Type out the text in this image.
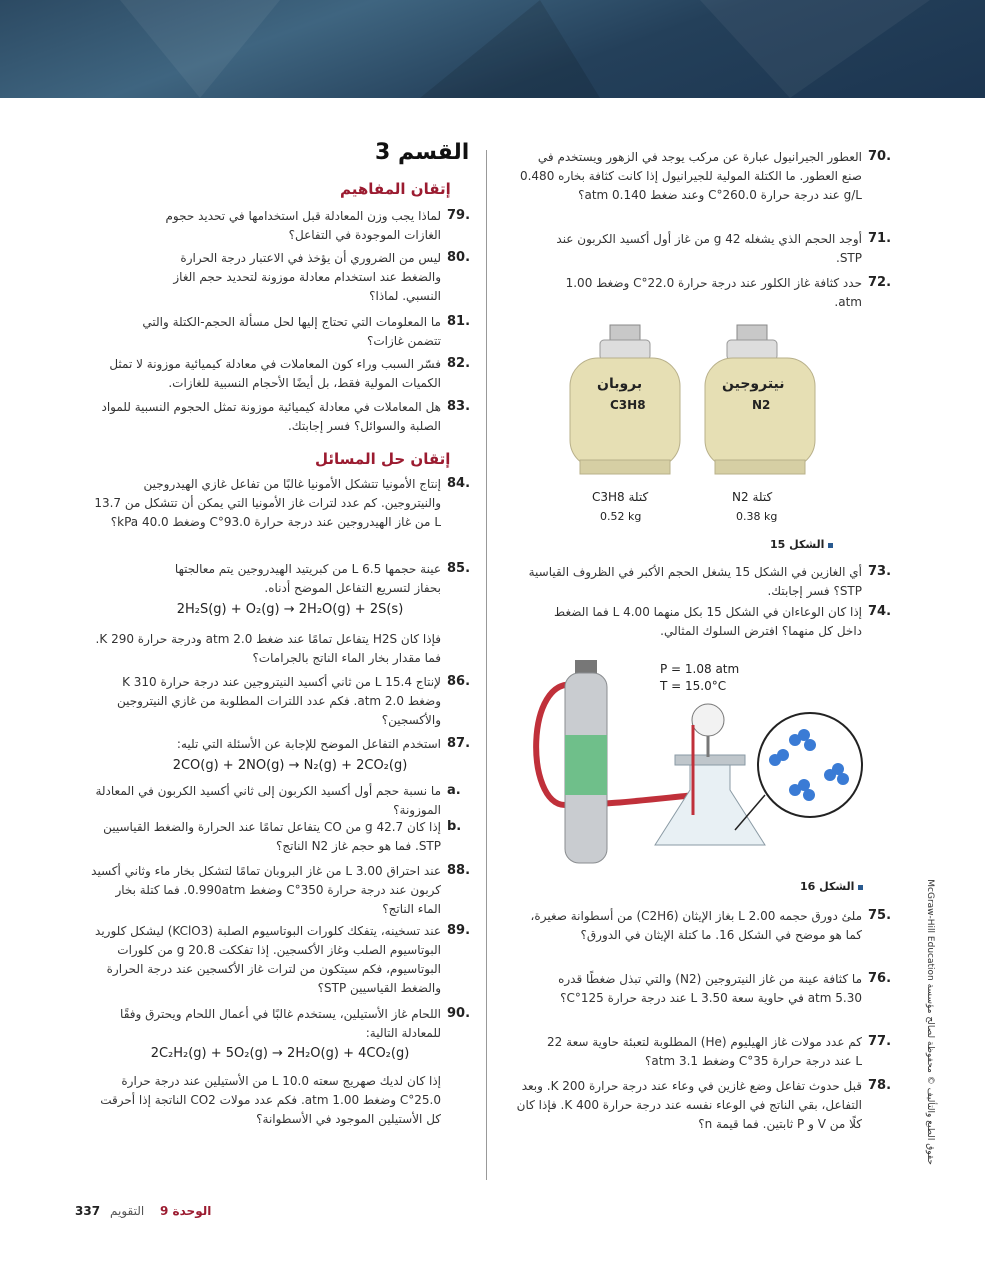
القسم 3
إتقان المفاهيم
لماذا يجب وزن المعادلة قبل استخدامها في تحديد حجوم الغازات الموجودة في التفاعل؟
79.
ليس من الضروري أن يؤخذ في الاعتبار درجة الحرارة والضغط عند استخدام معادلة موزونة لتحديد حجم الغاز النسبي. لماذا؟
80.
ما المعلومات التي تحتاج إليها لحل مسألة الحجم-الكتلة والتي تتضمن غازات؟
81.
فسّر السبب وراء كون المعاملات في معادلة كيميائية موزونة لا تمثل الكميات المولية فقط، بل أيضًا الأحجام النسبية للغازات.
82.
هل المعاملات في معادلة كيميائية موزونة تمثل الحجوم النسبية للمواد الصلبة والسوائل؟ فسر إجابتك.
83.
إنتاج الأمونيا تتشكل الأمونيا غالبًا من تفاعل غازي الهيدروجين والنيتروجين. كم عدد لترات غاز الأمونيا التي يمكن أن تتشكل من 13.7 L من غاز الهيدروجين عند درجة حرارة 93.0°C وضغط 40.0 kPa؟
84.
عينة حجمها 6.5 L من كبريتيد الهيدروجين يتم معالجتها بحفاز لتسريع التفاعل الموضح أدناه.
85.
فإذا كان H2S يتفاعل تمامًا عند ضغط 2.0 atm ودرجة حرارة 290 K. فما مقدار بخار الماء الناتج بالجرامات؟
لإنتاج 15.4 L من ثاني أكسيد النيتروجين عند درجة حرارة 310 K وضغط 2.0 atm. فكم عدد اللترات المطلوبة من غازي النيتروجين والأكسجين؟
86.
استخدم التفاعل الموضح للإجابة عن الأسئلة التي تليه: 87.
ما نسبة حجم أول أكسيد الكربون إلى ثاني أكسيد الكربون في المعادلة الموزونة؟
a.
إذا كان 42.7 g من CO يتفاعل تمامًا عند الحرارة والضغط القياسيين STP. فما هو حجم غاز N2 الناتج؟
b.
عند احتراق 3.00 L من غاز البروبان تمامًا لتشكل بخار ماء وثاني أكسيد كربون عند درجة حرارة 350°C وضغط 0.990atm. فما كتلة بخار الماء الناتج؟
88.
عند تسخينه، يتفكك كلورات البوتاسيوم الصلبة (KClO3) ليشكل كلوريد البوتاسيوم الصلب وغاز الأكسجين. إذا تفككت 20.8 g من كلورات البوتاسيوم، فكم سيتكون من لترات غاز الأكسجين عند درجة الحرارة والضغط القياسيين STP؟
89.
اللحام غاز الأستيلين، يستخدم غالبًا في أعمال اللحام ويحترق وفقًا للمعادلة التالية:
90.
إذا كان لديك صهريج سعته 10.0 L من الأستيلين عند درجة حرارة 25.0°C وضغط 1.00 atm. فكم عدد مولات CO2 الناتجة إذا أحرقت كل الأستيلين الموجود في الأسطوانة؟
إتقان حل المسائل
2H₂S(g) + O₂(g) → 2H₂O(g) + 2S(s)
2CO(g) + 2NO(g) → N₂(g) + 2CO₂(g)
2C₂H₂(g) + 5O₂(g) → 2H₂O(g) + 4CO₂(g)
العطور الجيرانيول عبارة عن مركب يوجد في الزهور ويستخدم في صنع العطور. ما الكتلة المولية للجيرانيول إذا كانت كثافة بخاره 0.480 g/L عند درجة حرارة 260.0°C وعند ضغط 0.140 atm؟
70.
أوجد الحجم الذي يشغله 42 g من غاز أول أكسيد الكربون عند STP.
71.
حدد كثافة غاز الكلور عند درجة حرارة 22.0°C وضغط 1.00 atm.
72.
أي الغازين في الشكل 15 يشغل الحجم الأكبر في الظروف القياسية STP؟ فسر إجابتك.
73.
إذا كان الوعاءان في الشكل 15 بكل منهما 4.00 L فما الضغط داخل كل منهما؟ افترض السلوك المثالي.
74.
ملئ دورق حجمه 2.00 L بغاز الإيثان (C2H6) من أسطوانة صغيرة، كما هو موضح في الشكل 16. ما كتلة الإيثان في الدورق؟
75.
ما كثافة عينة من غاز النيتروجين (N2) والتي تبذل ضغطًا قدره 5.30 atm في حاوية سعة 3.50 L عند درجة حرارة 125°C؟
76.
كم عدد مولات غاز الهيليوم (He) المطلوبة لتعبئة حاوية سعة 22 L عند درجة حرارة 35°C وضغط 3.1 atm؟
77.
قبل حدوث تفاعل وضع غازين في وعاء عند درجة حرارة 200 K. وبعد التفاعل، بقي الناتج في الوعاء نفسه عند درجة حرارة 400 K. فإذا كان كلًا من V و P ثابتين. فما قيمة n؟
78.
بروبان
C3H8
نيتروجين
N2
كتلة C3H8
0.52 kg
كتلة N2
0.38 kg
الشكل 15
P = 1.08 atm
T = 15.0°C
الشكل 16
337 التقويم الوحدة 9
حقوق الطبع والتأليف © محفوظة لصالح مؤسسة McGraw-Hill Education
